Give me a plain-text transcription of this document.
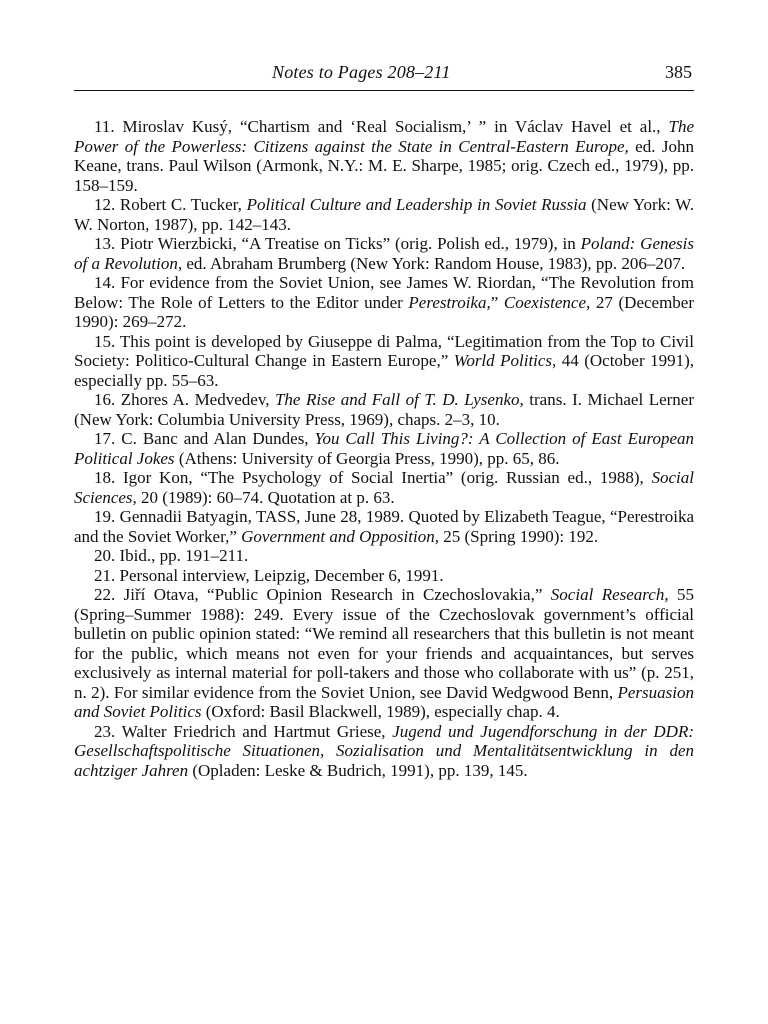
Notes to Pages 208–211	385

11. Miroslav Kusý, “Chartism and ‘Real Socialism,’ ” in Václav Havel et al., The Power of the Powerless: Citizens against the State in Central-Eastern Europe, ed. John Keane, trans. Paul Wilson (Armonk, N.Y.: M. E. Sharpe, 1985; orig. Czech ed., 1979), pp. 158–159.

12. Robert C. Tucker, Political Culture and Leadership in Soviet Russia (New York: W. W. Norton, 1987), pp. 142–143.

13. Piotr Wierzbicki, “A Treatise on Ticks” (orig. Polish ed., 1979), in Poland: Genesis of a Revolution, ed. Abraham Brumberg (New York: Random House, 1983), pp. 206–207.

14. For evidence from the Soviet Union, see James W. Riordan, “The Revolution from Below: The Role of Letters to the Editor under Perestroika,” Coexistence, 27 (December 1990): 269–272.

15. This point is developed by Giuseppe di Palma, “Legitimation from the Top to Civil Society: Politico-Cultural Change in Eastern Europe,” World Politics, 44 (October 1991), especially pp. 55–63.

16. Zhores A. Medvedev, The Rise and Fall of T. D. Lysenko, trans. I. Michael Lerner (New York: Columbia University Press, 1969), chaps. 2–3, 10.

17. C. Banc and Alan Dundes, You Call This Living?: A Collection of East European Political Jokes (Athens: University of Georgia Press, 1990), pp. 65, 86.

18. Igor Kon, “The Psychology of Social Inertia” (orig. Russian ed., 1988), Social Sciences, 20 (1989): 60–74. Quotation at p. 63.

19. Gennadii Batyagin, TASS, June 28, 1989. Quoted by Elizabeth Teague, “Perestroika and the Soviet Worker,” Government and Opposition, 25 (Spring 1990): 192.

20. Ibid., pp. 191–211.

21. Personal interview, Leipzig, December 6, 1991.

22. Jiří Otava, “Public Opinion Research in Czechoslovakia,” Social Research, 55 (Spring–Summer 1988): 249. Every issue of the Czechoslovak government’s official bulletin on public opinion stated: “We remind all researchers that this bulletin is not meant for the public, which means not even for your friends and acquaintances, but serves exclusively as internal material for poll-takers and those who collaborate with us” (p. 251, n. 2). For similar evidence from the Soviet Union, see David Wedgwood Benn, Persuasion and Soviet Politics (Oxford: Basil Blackwell, 1989), especially chap. 4.

23. Walter Friedrich and Hartmut Griese, Jugend und Jugendforschung in der DDR: Gesellschaftspolitische Situationen, Sozialisation und Mentalitätsentwicklung in den achtziger Jahren (Opladen: Leske & Budrich, 1991), pp. 139, 145.
